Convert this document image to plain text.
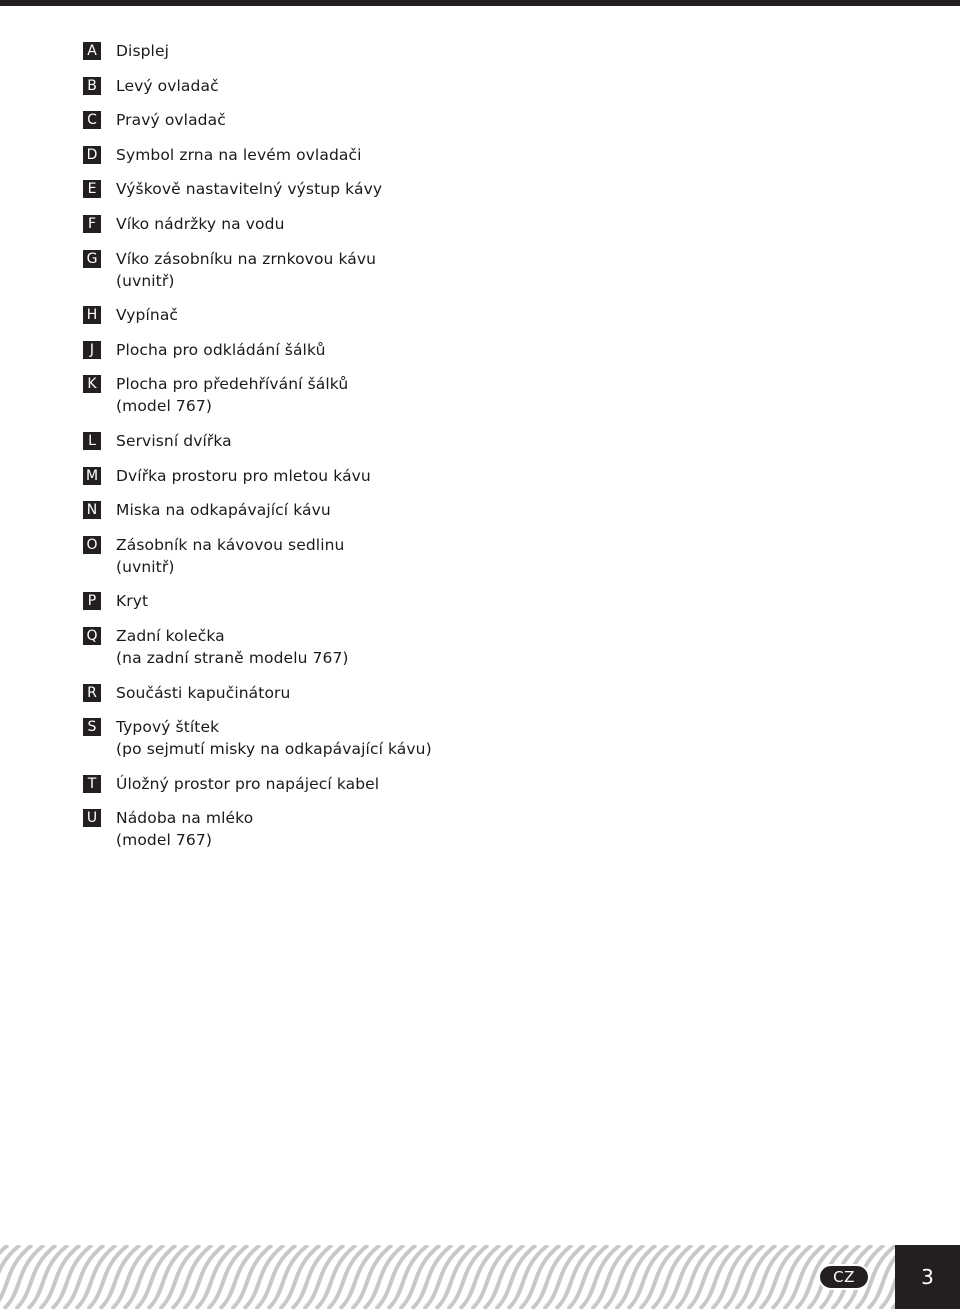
A Displej
B Levý ovladač
C Pravý ovladač
D Symbol zrna na levém ovladači
E Výškově nastavitelný výstup kávy
F	Víko nádržky na vodu
G Víko zásobníku na zrnkovou kávu
(uvnitř)
H Vypínač
J	Plocha pro odkládání šálků
K Plocha pro předehřívání šálků
(model 767)
L	Servisní dvířka
M Dvířka prostoru pro mletou kávu
N Miska na odkapávající kávu
O Zásobník na kávovou sedlinu
(uvnitř)
P	Kryt
Q Zadní kolečka
(na zadní straně modelu 767)
R Součásti kapučinátoru
S Typový štítek
(po sejmutí misky na odkapávající kávu)
T	Úložný prostor pro napájecí kabel
U Nádoba na mléko
(model 767)
CZ	3
